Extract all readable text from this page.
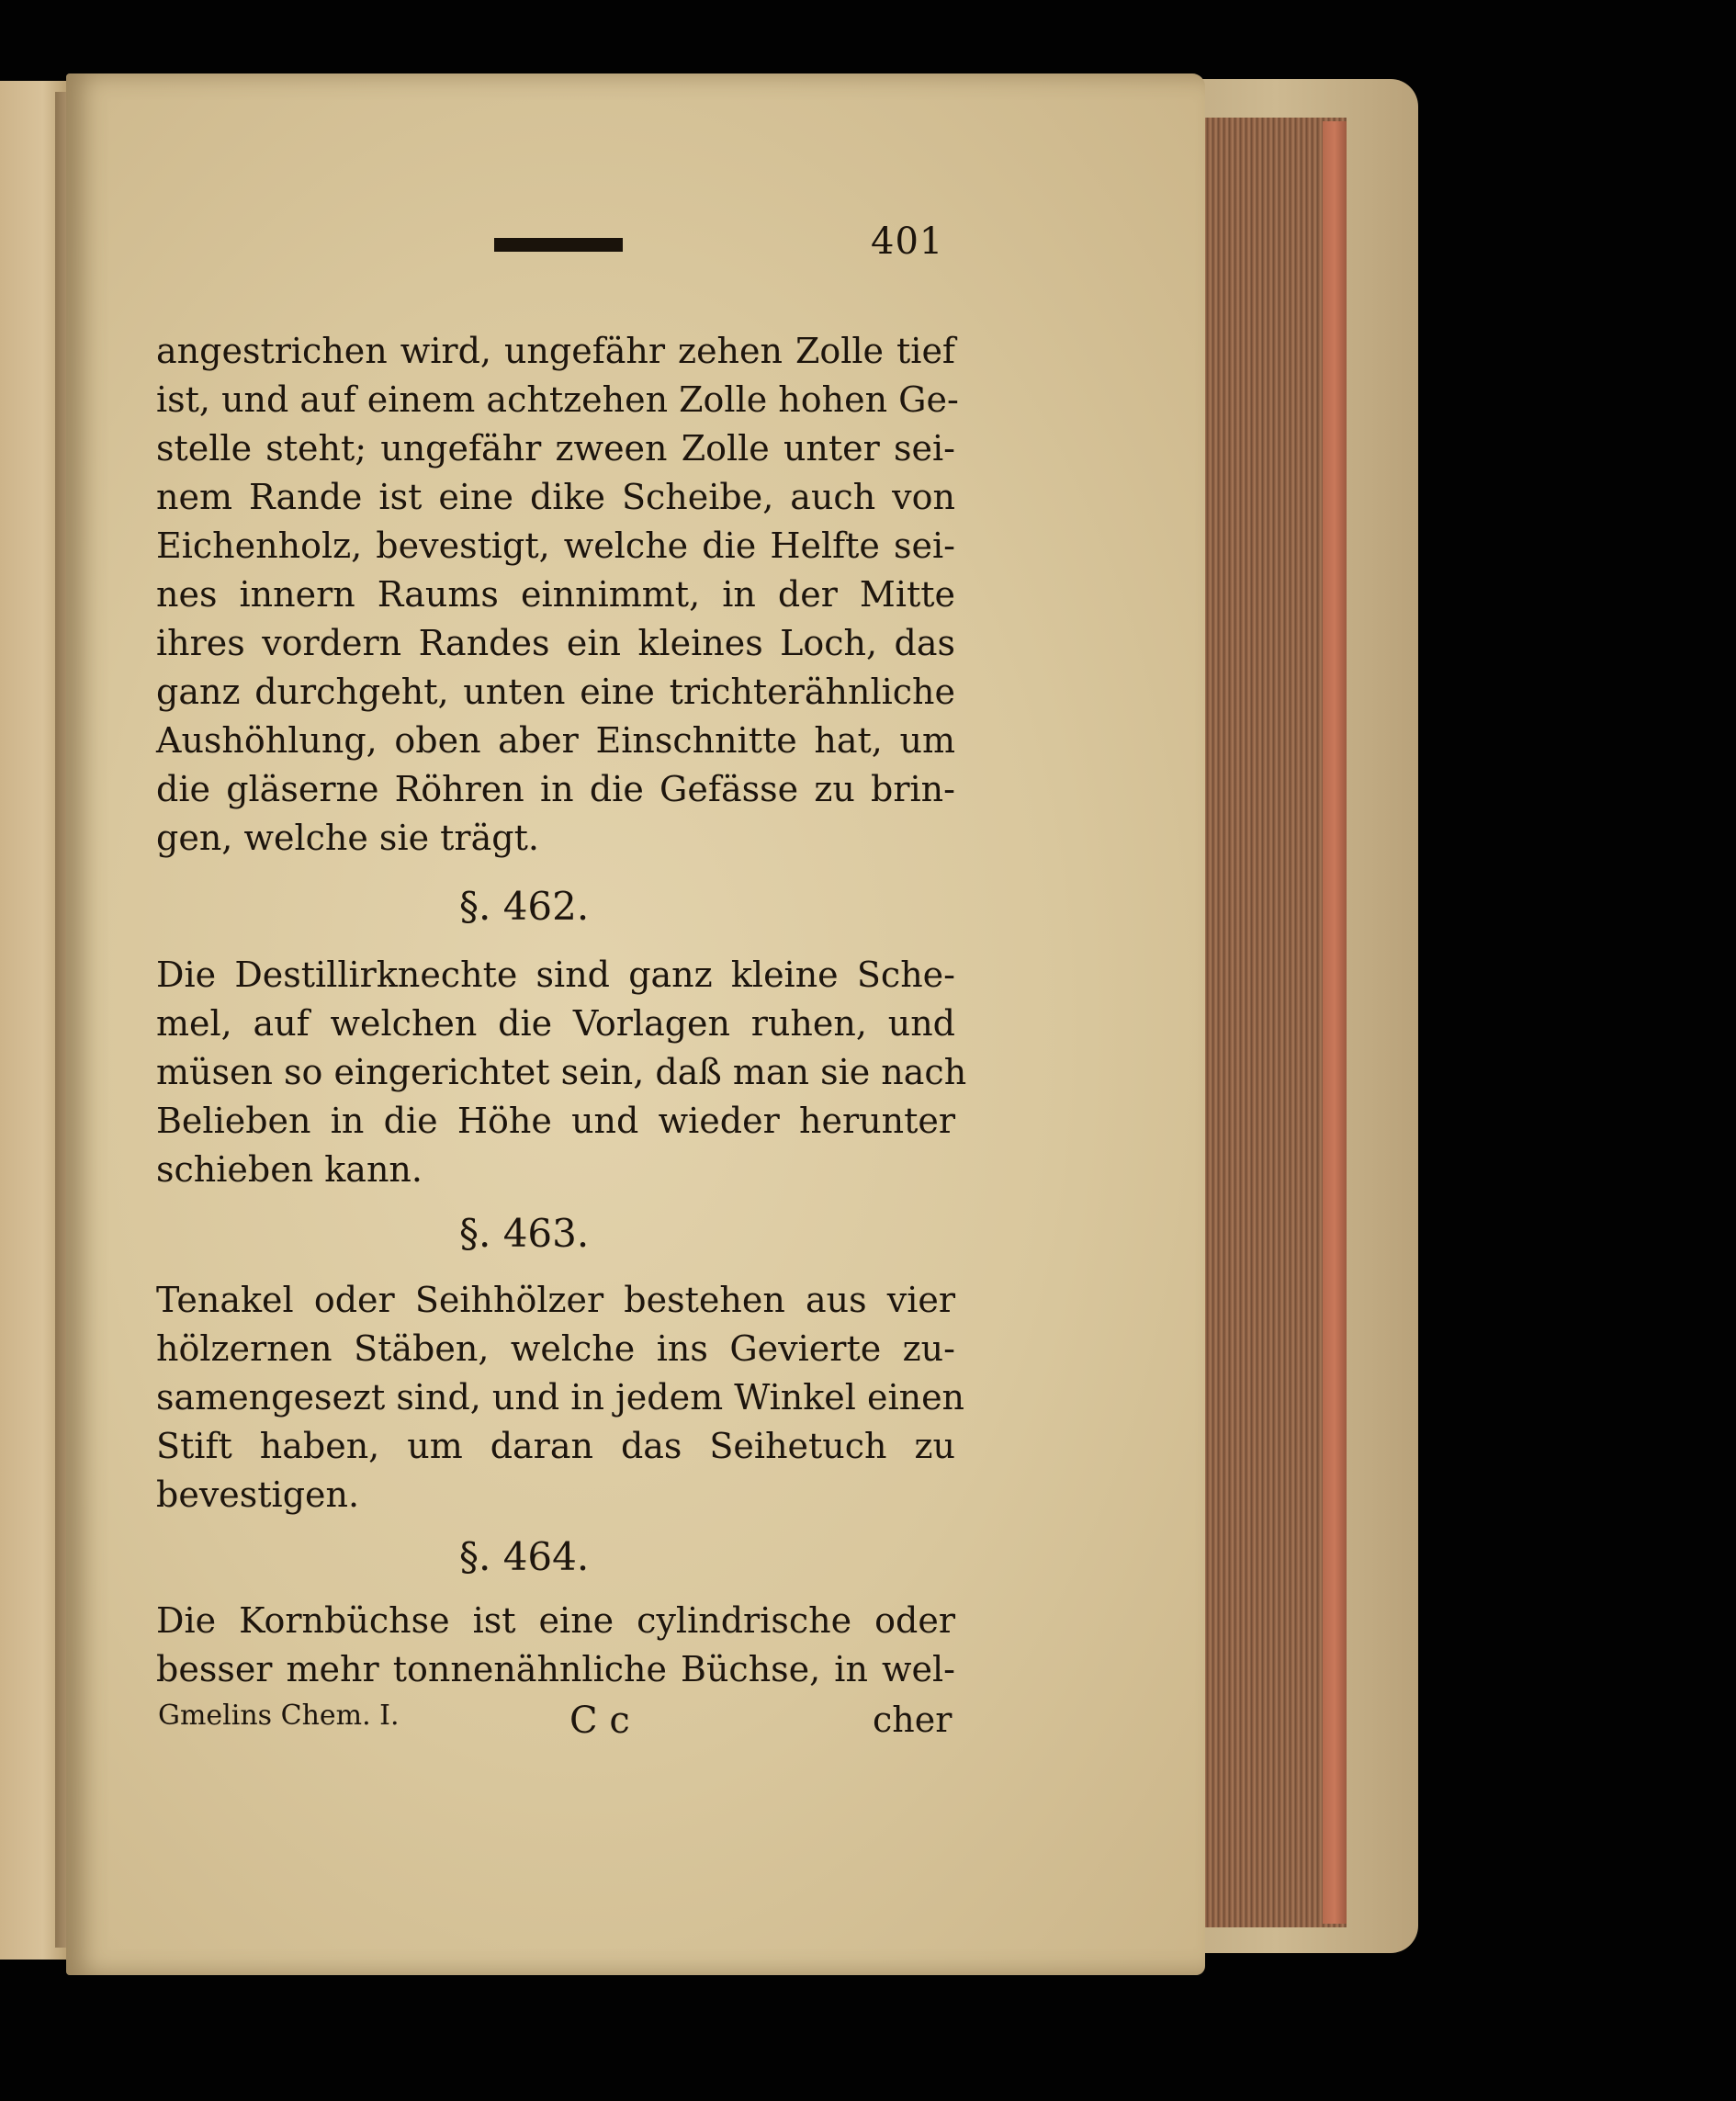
401
angestrichen wird, ungefähr zehen Zolle tief
ist, und auf einem achtzehen Zolle hohen Ge-
stelle steht; ungefähr zween Zolle unter sei-
nem Rande ist eine dike Scheibe, auch von
Eichenholz, bevestigt, welche die Helfte sei-
nes innern Raums einnimmt, in der Mitte
ihres vordern Randes ein kleines Loch, das
ganz durchgeht, unten eine trichterähnliche
Aushöhlung, oben aber Einschnitte hat, um
die gläserne Röhren in die Gefässe zu brin-
gen, welche sie trägt.
§. 462.
Die Destillirknechte sind ganz kleine Sche-
mel, auf welchen die Vorlagen ruhen, und
müsen so eingerichtet sein, daß man sie nach
Belieben in die Höhe und wieder herunter
schieben kann.
§. 463.
Tenakel oder Seihhölzer bestehen aus vier
hölzernen Stäben, welche ins Gevierte zu-
samengesezt sind, und in jedem Winkel einen
Stift haben, um daran das Seihetuch zu
bevestigen.
§. 464.
Die Kornbüchse ist eine cylindrische oder
besser mehr tonnenähnliche Büchse, in wel-
Gmelins Chem. I.	C c	cher
